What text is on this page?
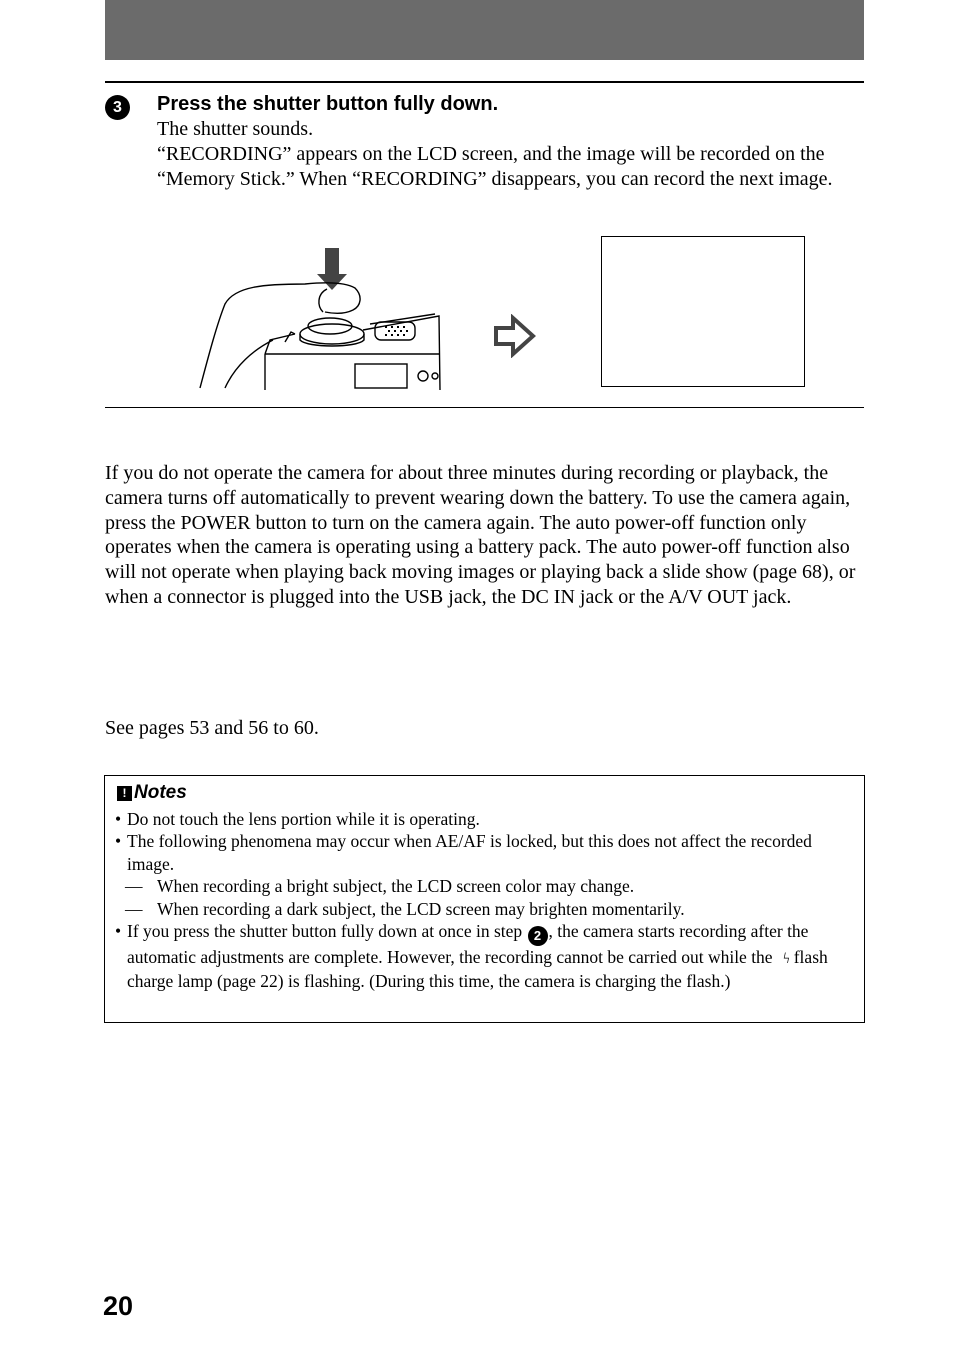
3	Press the shutter button fully down.

The shutter sounds.

“RECORDING” appears on the LCD screen, and the image will be recorded on the “Memory Stick.” When “RECORDING” disappears, you can record the next image.

If you do not operate the camera for about three minutes during recording or playback, the camera turns off automatically to prevent wearing down the battery. To use the camera again, press the POWER button to turn on the camera again. The auto power-off function only operates when the camera is operating using a battery pack. The auto power-off function also will not operate when playing back moving images or playing back a slide show (page 68), or when a connector is plugged into the USB jack, the DC IN jack or the A/V OUT jack.

See pages 53 and 56 to 60.

! Notes
• Do not touch the lens portion while it is operating.
• The following phenomena may occur when AE/AF is locked, but this does not affect the recorded image.
— When recording a bright subject, the LCD screen color may change.
— When recording a dark subject, the LCD screen may brighten momentarily.
• If you press the shutter button fully down at once in step 2 , the camera starts recording after the automatic adjustments are complete. However, the recording cannot be carried out while the ϟ flash charge lamp (page 22) is flashing. (During this time, the camera is charging the flash.)
20
